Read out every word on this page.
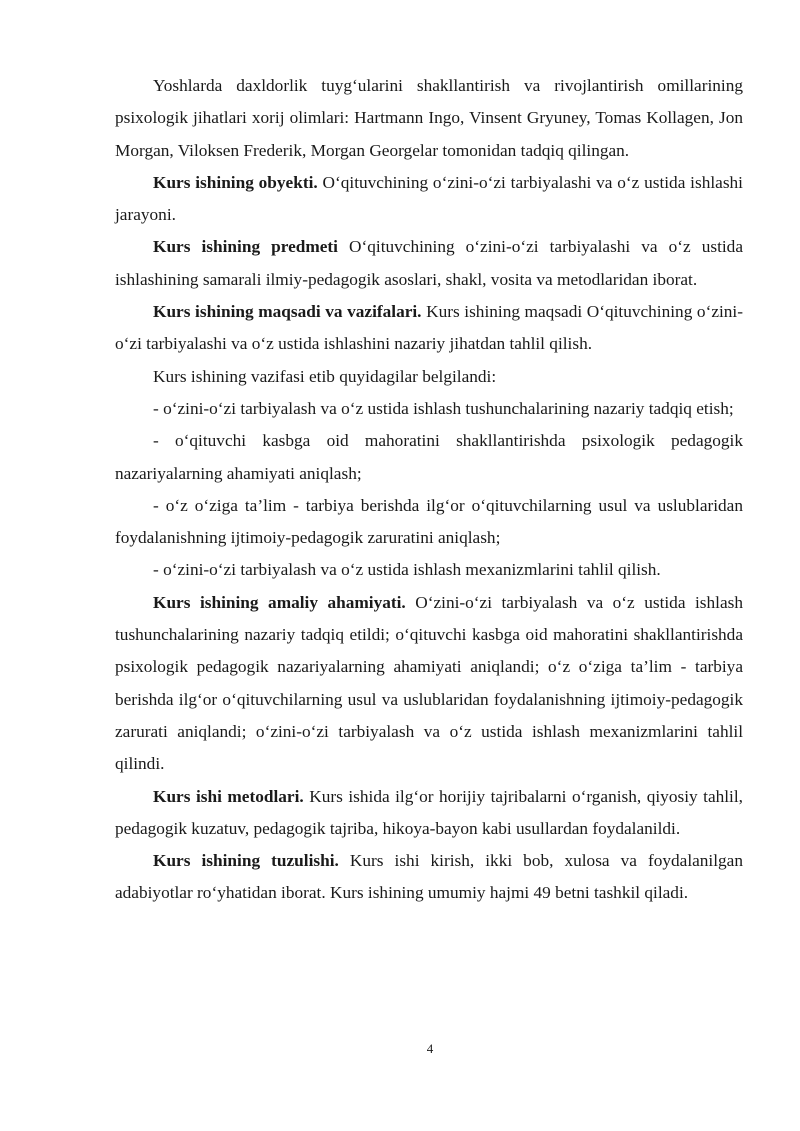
Yoshlarda daxldorlik tuyg‘ularini shakllantirish va rivojlantirish omillarining psixologik jihatlari xorij olimlari: Hartmann Ingo, Vinsent Gryuney, Tomas Kollagen, Jon Morgan, Viloksen Frederik, Morgan Georgelar tomonidan tadqiq qilingan.

Kurs ishining obyekti. O‘qituvchining o‘zini-o‘zi tarbiyalashi va o‘z ustida ishlashi jarayoni.

Kurs ishining predmeti O‘qituvchining o‘zini-o‘zi tarbiyalashi va o‘z ustida ishlashining samarali ilmiy-pedagogik asoslari, shakl, vosita va metodlaridan iborat.

Kurs ishining maqsadi va vazifalari. Kurs ishining maqsadi O‘qituvchining o‘zini-o‘zi tarbiyalashi va o‘z ustida ishlashini nazariy jihatdan tahlil qilish.

Kurs ishining vazifasi etib quyidagilar belgilandi:

- o‘zini-o‘zi tarbiyalash va o‘z ustida ishlash tushunchalarining nazariy tadqiq etish;

- o‘qituvchi kasbga oid mahoratini shakllantirishda psixologik pedagogik nazariyalarning ahamiyati aniqlash;

- o‘z o‘ziga ta’lim - tarbiya berishda ilg‘or o‘qituvchilarning usul va uslublaridan foydalanishning ijtimoiy-pedagogik zaruratini aniqlash;

- o‘zini-o‘zi tarbiyalash va o‘z ustida ishlash mexanizmlarini tahlil qilish.

Kurs ishining amaliy ahamiyati. O‘zini-o‘zi tarbiyalash va o‘z ustida ishlash tushunchalarining nazariy tadqiq etildi; o‘qituvchi kasbga oid mahoratini shakllantirishda psixologik pedagogik nazariyalarning ahamiyati aniqlandi; o‘z o‘ziga ta’lim - tarbiya berishda ilg‘or o‘qituvchilarning usul va uslublaridan foydalanishning ijtimoiy-pedagogik zarurati aniqlandi; o‘zini-o‘zi tarbiyalash va o‘z ustida ishlash mexanizmlarini tahlil qilindi.

Kurs ishi metodlari. Kurs ishida ilg‘or horijiy tajribalarni o‘rganish, qiyosiy tahlil, pedagogik kuzatuv, pedagogik tajriba, hikoya-bayon kabi usullardan foydalanildi.

Kurs ishining tuzulishi. Kurs ishi kirish, ikki bob, xulosa va foydalanilgan adabiyotlar ro‘yhatidan iborat. Kurs ishining umumiy hajmi 49 betni tashkil qiladi.

4
